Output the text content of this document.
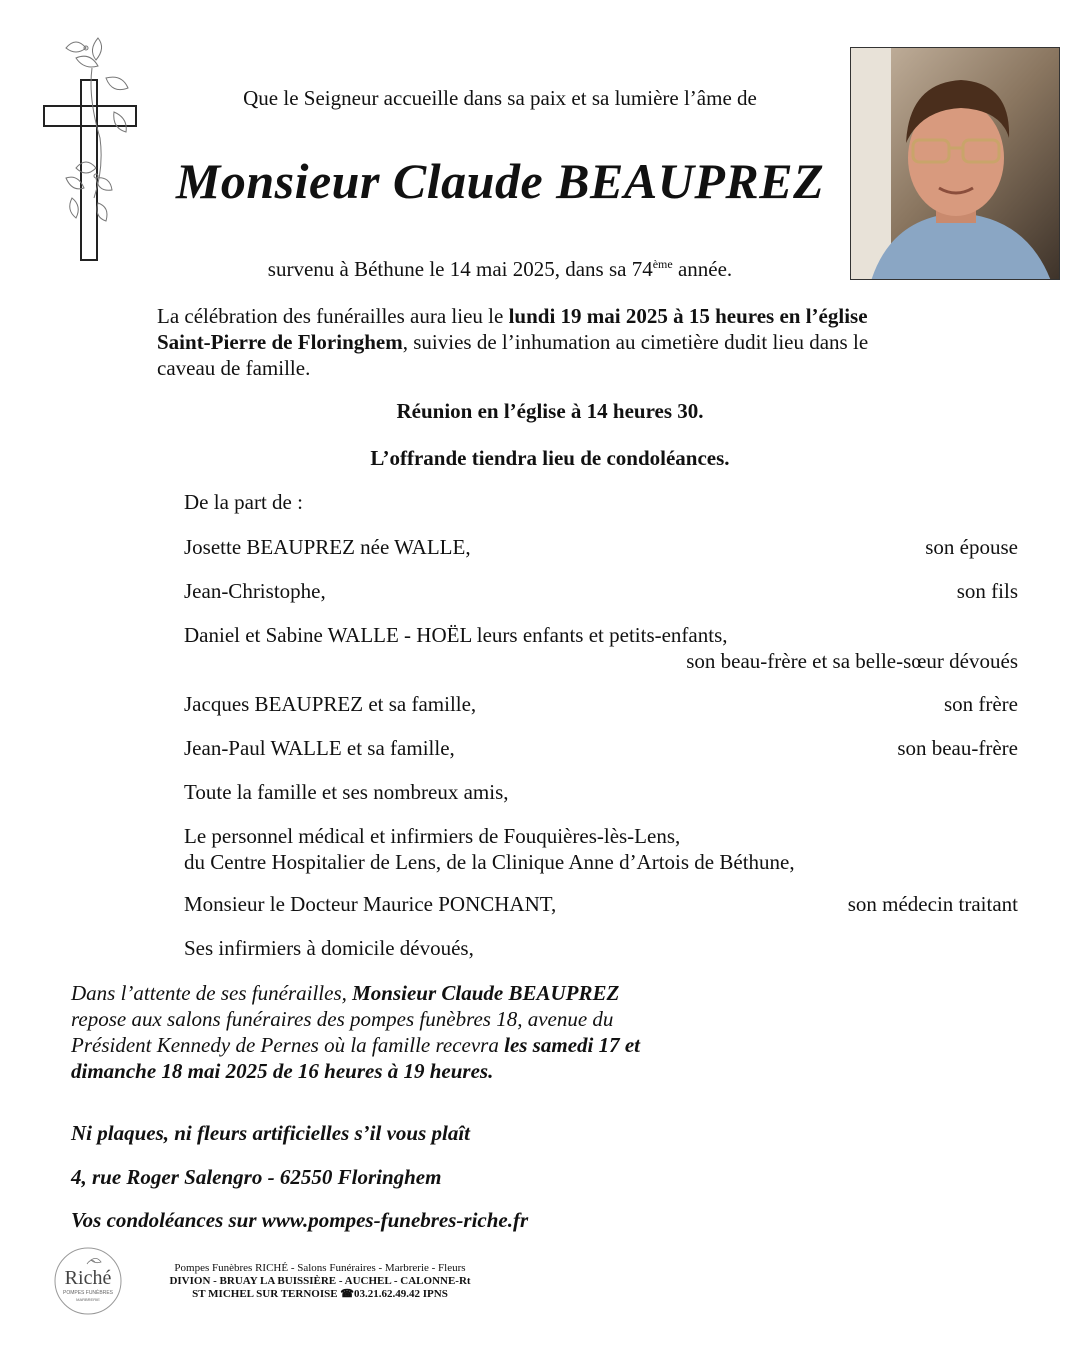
Que le Seigneur accueille dans sa paix et sa lumière l’âme de
Monsieur Claude BEAUPREZ
survenu à Béthune le 14 mai 2025, dans sa 74ème année.
La célébration des funérailles aura lieu le lundi 19 mai 2025 à 15 heures en l’église Saint-Pierre de Floringhem, suivies de l’inhumation au cimetière dudit lieu dans le caveau de famille.
Réunion en l’église à 14 heures 30.
L’offrande tiendra lieu de condoléances.
De la part de :
Josette BEAUPREZ née WALLE,	son épouse
Jean-Christophe,	son fils
Daniel et Sabine WALLE - HOËL leurs enfants et petits-enfants,
son beau-frère et sa belle-sœur dévoués
Jacques BEAUPREZ et sa famille,	son frère
Jean-Paul WALLE et sa famille,	son beau-frère
Toute la famille et ses nombreux amis,
Le personnel médical et infirmiers de Fouquières-lès-Lens,
du Centre Hospitalier de Lens, de la Clinique Anne d’Artois de Béthune,
Monsieur le Docteur Maurice PONCHANT,	son médecin traitant
Ses infirmiers à domicile dévoués,
Dans l’attente de ses funérailles, Monsieur Claude BEAUPREZ repose aux salons funéraires des pompes funèbres 18, avenue du Président Kennedy de Pernes où la famille recevra les samedi 17 et dimanche 18 mai 2025 de 16 heures à 19 heures.
Ni plaques, ni fleurs artificielles s’il vous plaît
4, rue Roger Salengro - 62550 Floringhem
Vos condoléances sur www.pompes-funebres-riche.fr
Riché
POMPES FUNÈBRES
MARBRERIE
Pompes Funèbres RICHÉ - Salons Funéraires - Marbrerie - Fleurs
DIVION - BRUAY LA BUISSIÈRE - AUCHEL - CALONNE-Rt
ST MICHEL SUR TERNOISE ☎03.21.62.49.42 IPNS
